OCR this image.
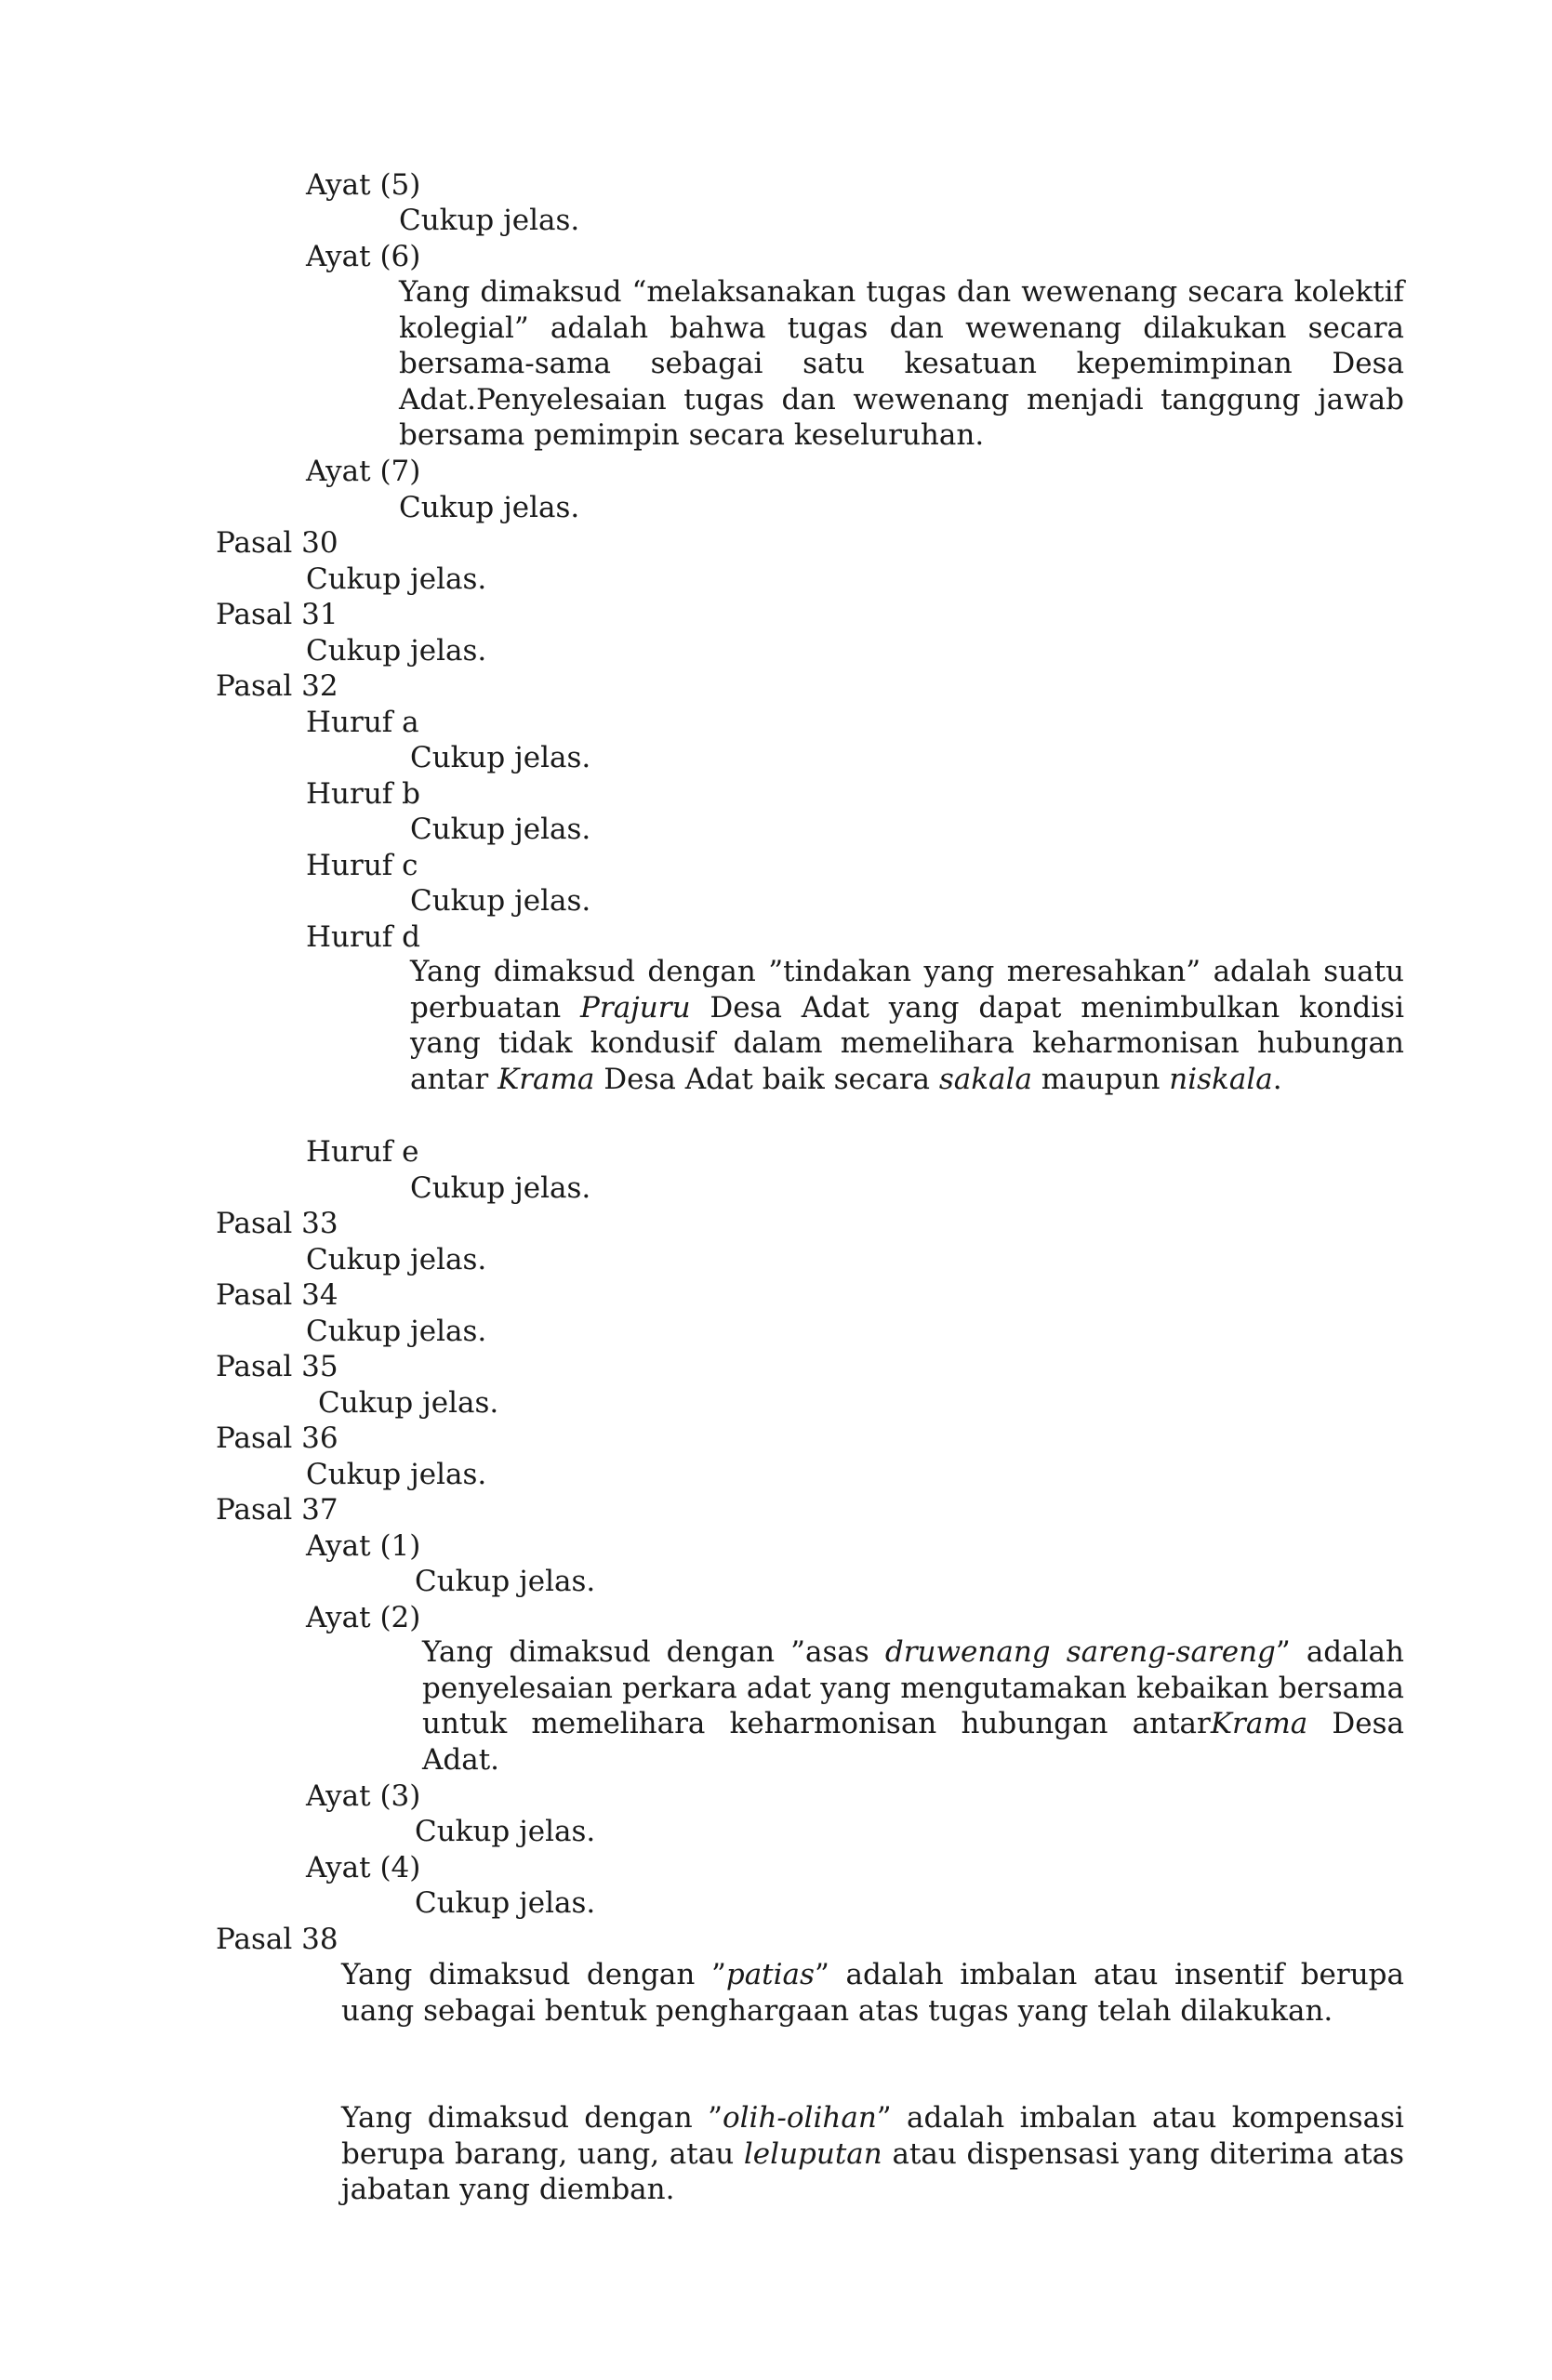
Ayat (5)
Cukup jelas.
Ayat (6)
Yang dimaksud “melaksanakan tugas dan wewenang secara kolektif kolegial” adalah bahwa tugas dan wewenang dilakukan secara bersama-sama sebagai satu kesatuan kepemimpinan Desa Adat.Penyelesaian tugas dan wewenang menjadi tanggung jawab bersama pemimpin secara keseluruhan.
Ayat (7)
Cukup jelas.
Pasal 30
Cukup jelas.
Pasal 31
Cukup jelas.
Pasal 32
Huruf a
Cukup jelas.
Huruf b
Cukup jelas.
Huruf c
Cukup jelas.
Huruf d
Yang dimaksud dengan ”tindakan yang meresahkan” adalah suatu perbuatan Prajuru Desa Adat yang dapat menimbulkan kondisi yang tidak kondusif dalam memelihara keharmonisan hubungan antar Krama Desa Adat baik secara sakala maupun niskala.
Huruf e
Cukup jelas.
Pasal 33
Cukup jelas.
Pasal 34
Cukup jelas.
Pasal 35
Cukup jelas.
Pasal 36
Cukup jelas.
Pasal 37
Ayat (1)
Cukup jelas.
Ayat (2)
Yang dimaksud dengan ”asas druwenang sareng-sareng” adalah penyelesaian perkara adat yang mengutamakan kebaikan bersama untuk memelihara keharmonisan hubungan antarKrama Desa Adat.
Ayat (3)
Cukup jelas.
Ayat (4)
Cukup jelas.
Pasal 38
Yang dimaksud dengan ”patias” adalah imbalan atau insentif berupa uang sebagai bentuk penghargaan atas tugas yang telah dilakukan.
Yang dimaksud dengan ”olih-olihan” adalah imbalan atau kompensasi berupa barang, uang, atau leluputan atau dispensasi yang diterima atas jabatan yang diemban.
